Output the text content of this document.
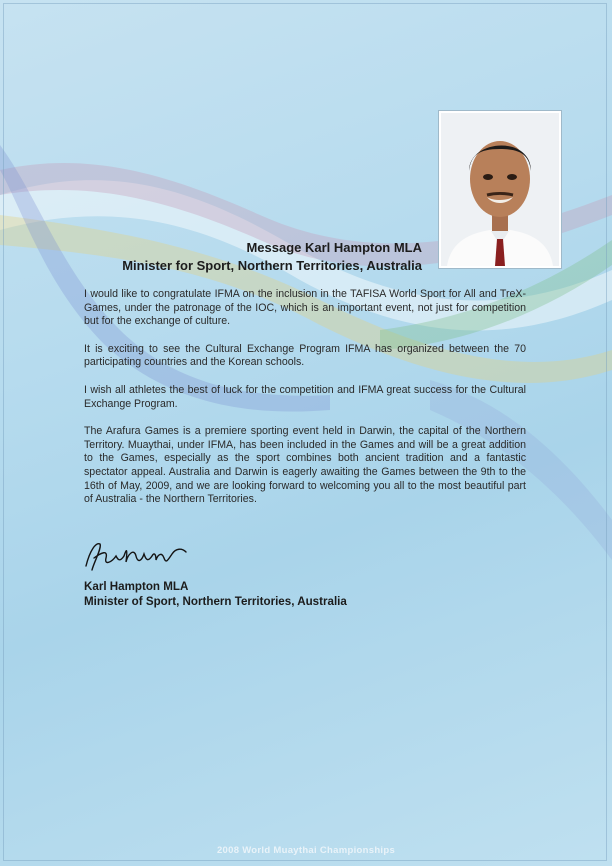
Message Karl Hampton MLA
Minister for Sport, Northern Territories, Australia

I would like to congratulate IFMA on the inclusion in the TAFISA World Sport for All and TreX-Games, under the patronage of the IOC, which is an important event, not just for competition but for the exchange of culture.

It is exciting to see the Cultural Exchange Program IFMA has organized between the 70 participating countries and the Korean schools.

I wish all athletes the best of luck for the competition and IFMA great success for the Cultural Exchange Program.

The Arafura Games is a premiere sporting event held in Darwin, the capital of the Northern Territory. Muaythai, under IFMA, has been included in the Games and will be a great addition to the Games, especially as the sport combines both ancient tradition and a fantastic spectator appeal. Australia and Darwin is eagerly awaiting the Games between the 9th to the 16th of May, 2009, and we are looking forward to welcoming you all to the most beautiful part of Australia - the Northern Territories.

Karl Hampton MLA
Minister of Sport, Northern Territories, Australia
2008 World Muaythai Championships
